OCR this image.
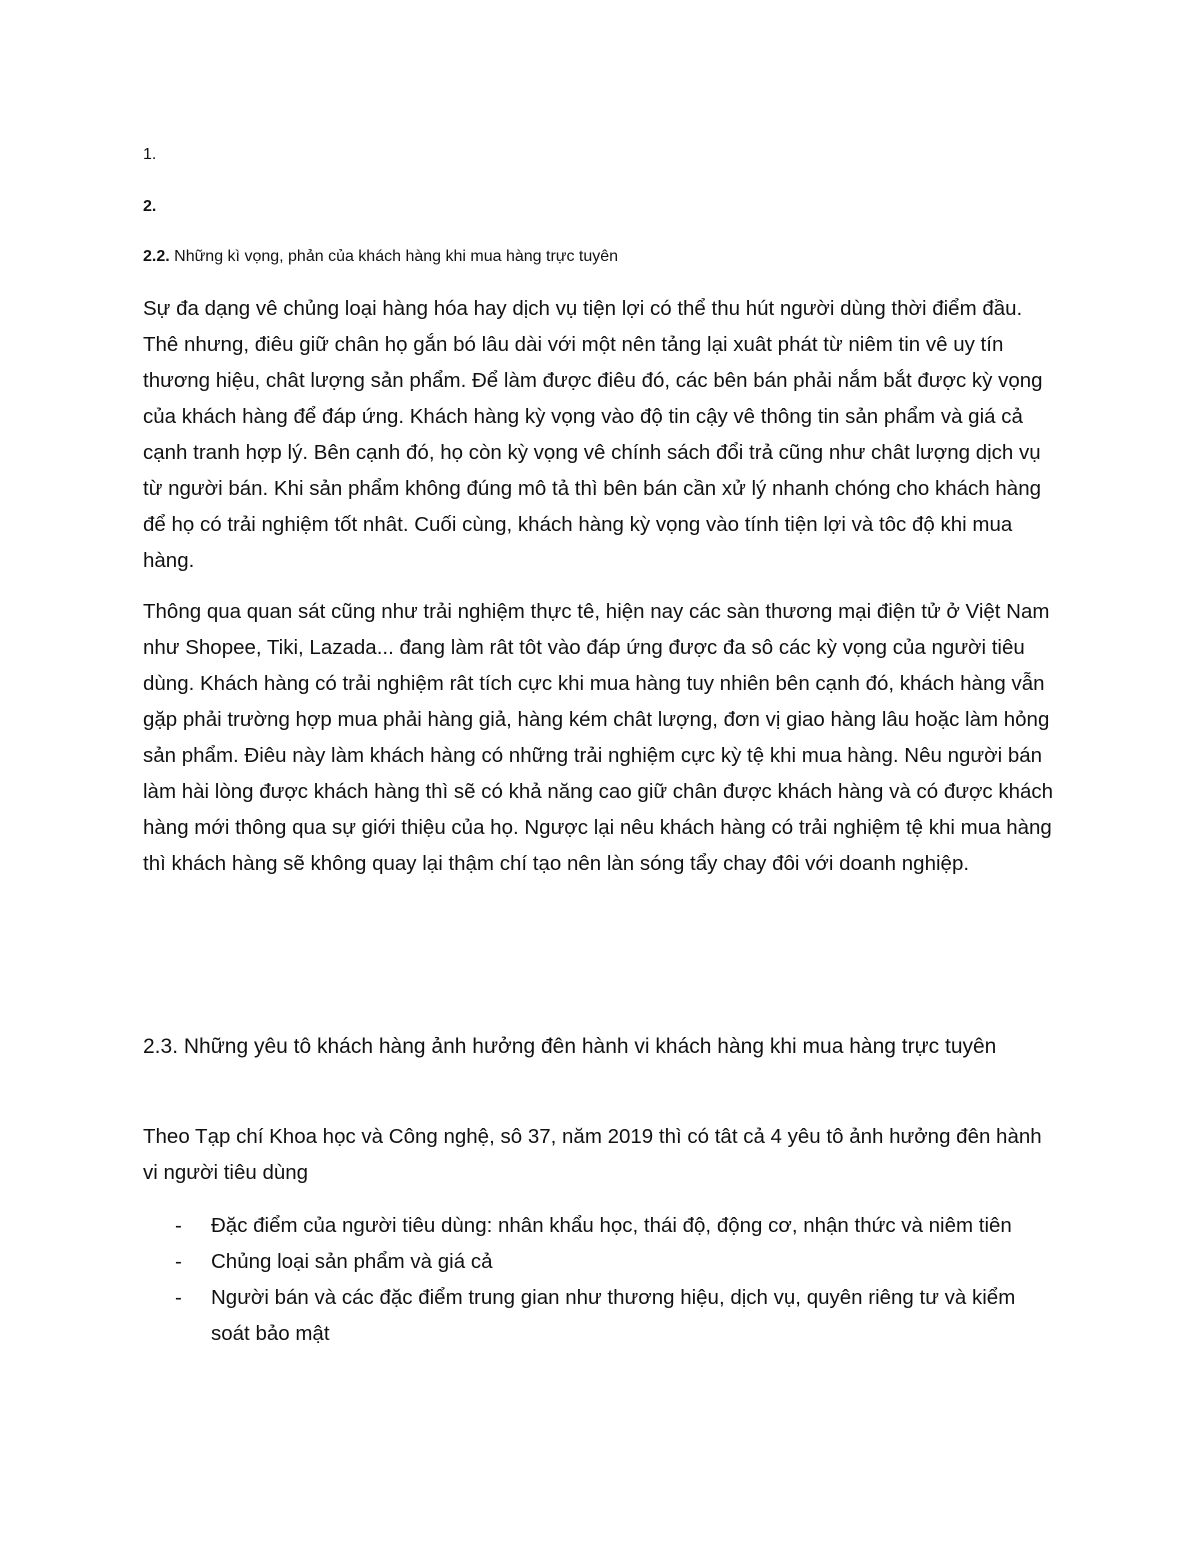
1.

2.

2.2. Những kì vọng, phản của khách hàng khi mua hàng trực tuyên

Sự đa dạng vê chủng loại hàng hóa hay dịch vụ tiện lợi có thể thu hút người dùng thời điểm đầu. Thê nhưng, điêu giữ chân họ gắn bó lâu dài với một nên tảng lại xuât phát từ niêm tin vê uy tín thương hiệu, chât lượng sản phẩm. Để làm được điêu đó, các bên bán phải nắm bắt được kỳ vọng của khách hàng để đáp ứng. Khách hàng kỳ vọng vào độ tin cậy vê thông tin sản phẩm và giá cả cạnh tranh hợp lý. Bên cạnh đó, họ còn kỳ vọng vê chính sách đổi trả cũng như chât lượng dịch vụ từ người bán. Khi sản phẩm không đúng mô tả thì bên bán cần xử lý nhanh chóng cho khách hàng để họ có trải nghiệm tốt nhât. Cuối cùng, khách hàng kỳ vọng vào tính tiện lợi và tôc độ khi mua hàng.

Thông qua quan sát cũng như trải nghiệm thực tê, hiện nay các sàn thương mại điện tử ở Việt Nam như Shopee, Tiki, Lazada... đang làm rât tôt vào đáp ứng được đa sô các kỳ vọng của người tiêu dùng. Khách hàng có trải nghiệm rât tích cực khi mua hàng tuy nhiên bên cạnh đó, khách hàng vẫn gặp phải trường hợp mua phải hàng giả, hàng kém chât lượng, đơn vị giao hàng lâu hoặc làm hỏng sản phẩm. Điêu này làm khách hàng có những trải nghiệm cực kỳ tệ khi mua hàng. Nêu người bán làm hài lòng được khách hàng thì sẽ có khả năng cao giữ chân được khách hàng và có được khách hàng mới thông qua sự giới thiệu của họ. Ngược lại nêu khách hàng có trải nghiệm tệ khi mua hàng thì khách hàng sẽ không quay lại thậm chí tạo nên làn sóng tẩy chay đôi với doanh nghiệp.

2.3. Những yêu tô khách hàng ảnh hưởng đên hành vi khách hàng khi mua hàng trực tuyên

Theo Tạp chí Khoa học và Công nghệ, sô 37, năm 2019 thì có tât cả 4 yêu tô ảnh hưởng đên hành vi người tiêu dùng

- Đặc điểm của người tiêu dùng: nhân khẩu học, thái độ, động cơ, nhận thức và niêm tiên
- Chủng loại sản phẩm và giá cả
- Người bán và các đặc điểm trung gian như thương hiệu, dịch vụ, quyên riêng tư và kiểm soát bảo mật
